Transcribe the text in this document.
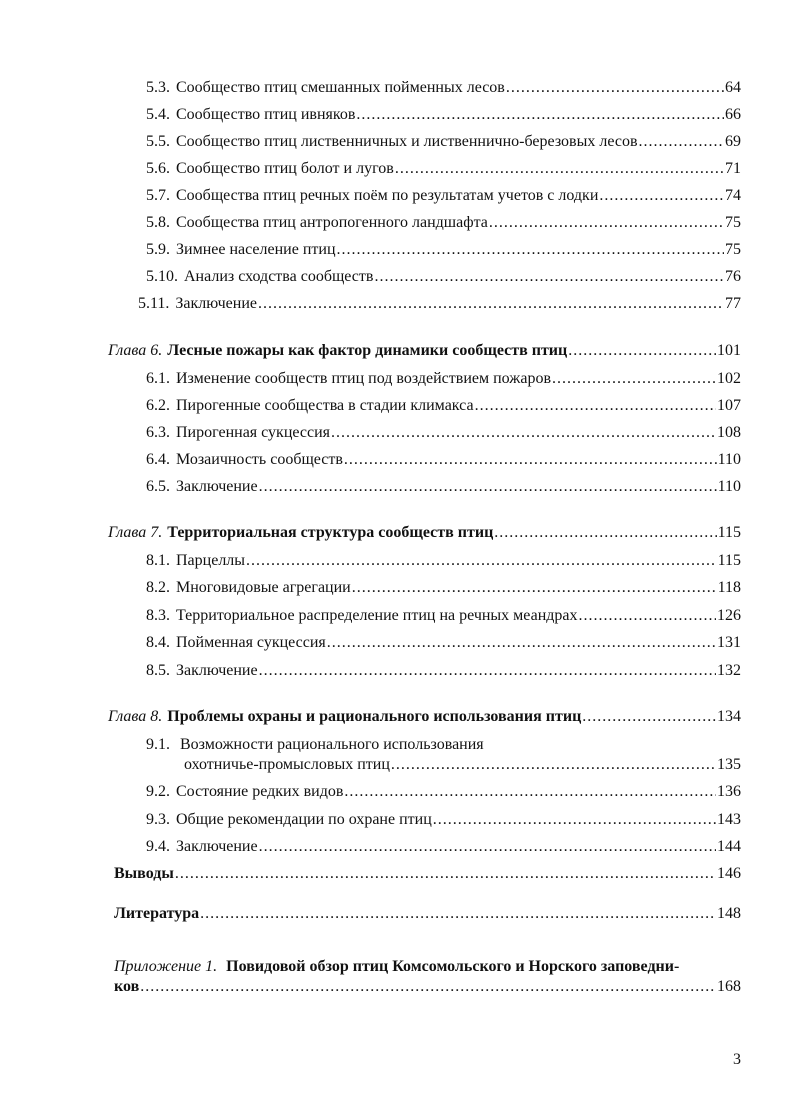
5.3. Сообщество птиц смешанных пойменных лесов .....	64
5.4. Сообщество птиц ивняков .....	66
5.5. Сообщество птиц лиственничных и лиственнично-березовых лесов .....	69
5.6. Сообщество птиц болот и лугов .....	71
5.7. Сообщества птиц речных поём по результатам учетов с лодки .....	74
5.8. Сообщества птиц антропогенного ландшафта .....	75
5.9. Зимнее население птиц .....	75
5.10. Анализ сходства сообществ .....	76
5.11. Заключение .....	77
Глава 6. Лесные пожары как фактор динамики сообществ птиц .....	101
6.1. Изменение сообществ птиц под воздействием пожаров .....	102
6.2. Пирогенные сообщества в стадии климакса .....	107
6.3. Пирогенная сукцессия .....	108
6.4. Мозаичность сообществ .....	110
6.5. Заключение .....	110
Глава 7. Территориальная структура сообществ птиц .....	115
8.1. Парцеллы .....	115
8.2. Многовидовые агрегации .....	118
8.3. Территориальное распределение птиц на речных меандрах .....	126
8.4. Пойменная сукцессия .....	131
8.5. Заключение .....	132
Глава 8. Проблемы охраны и рационального использования птиц .....	134
9.1. Возможности рационального использования
охотничье-промысловых птиц .....	135
9.2. Состояние редких видов .....	136
9.3. Общие рекомендации по охране птиц .....	143
9.4. Заключение .....	144
Выводы .....	146
Литература .....	148
Приложение 1. Повидовой обзор птиц Комсомольского и Норского заповедни-
ков .....	168
3
